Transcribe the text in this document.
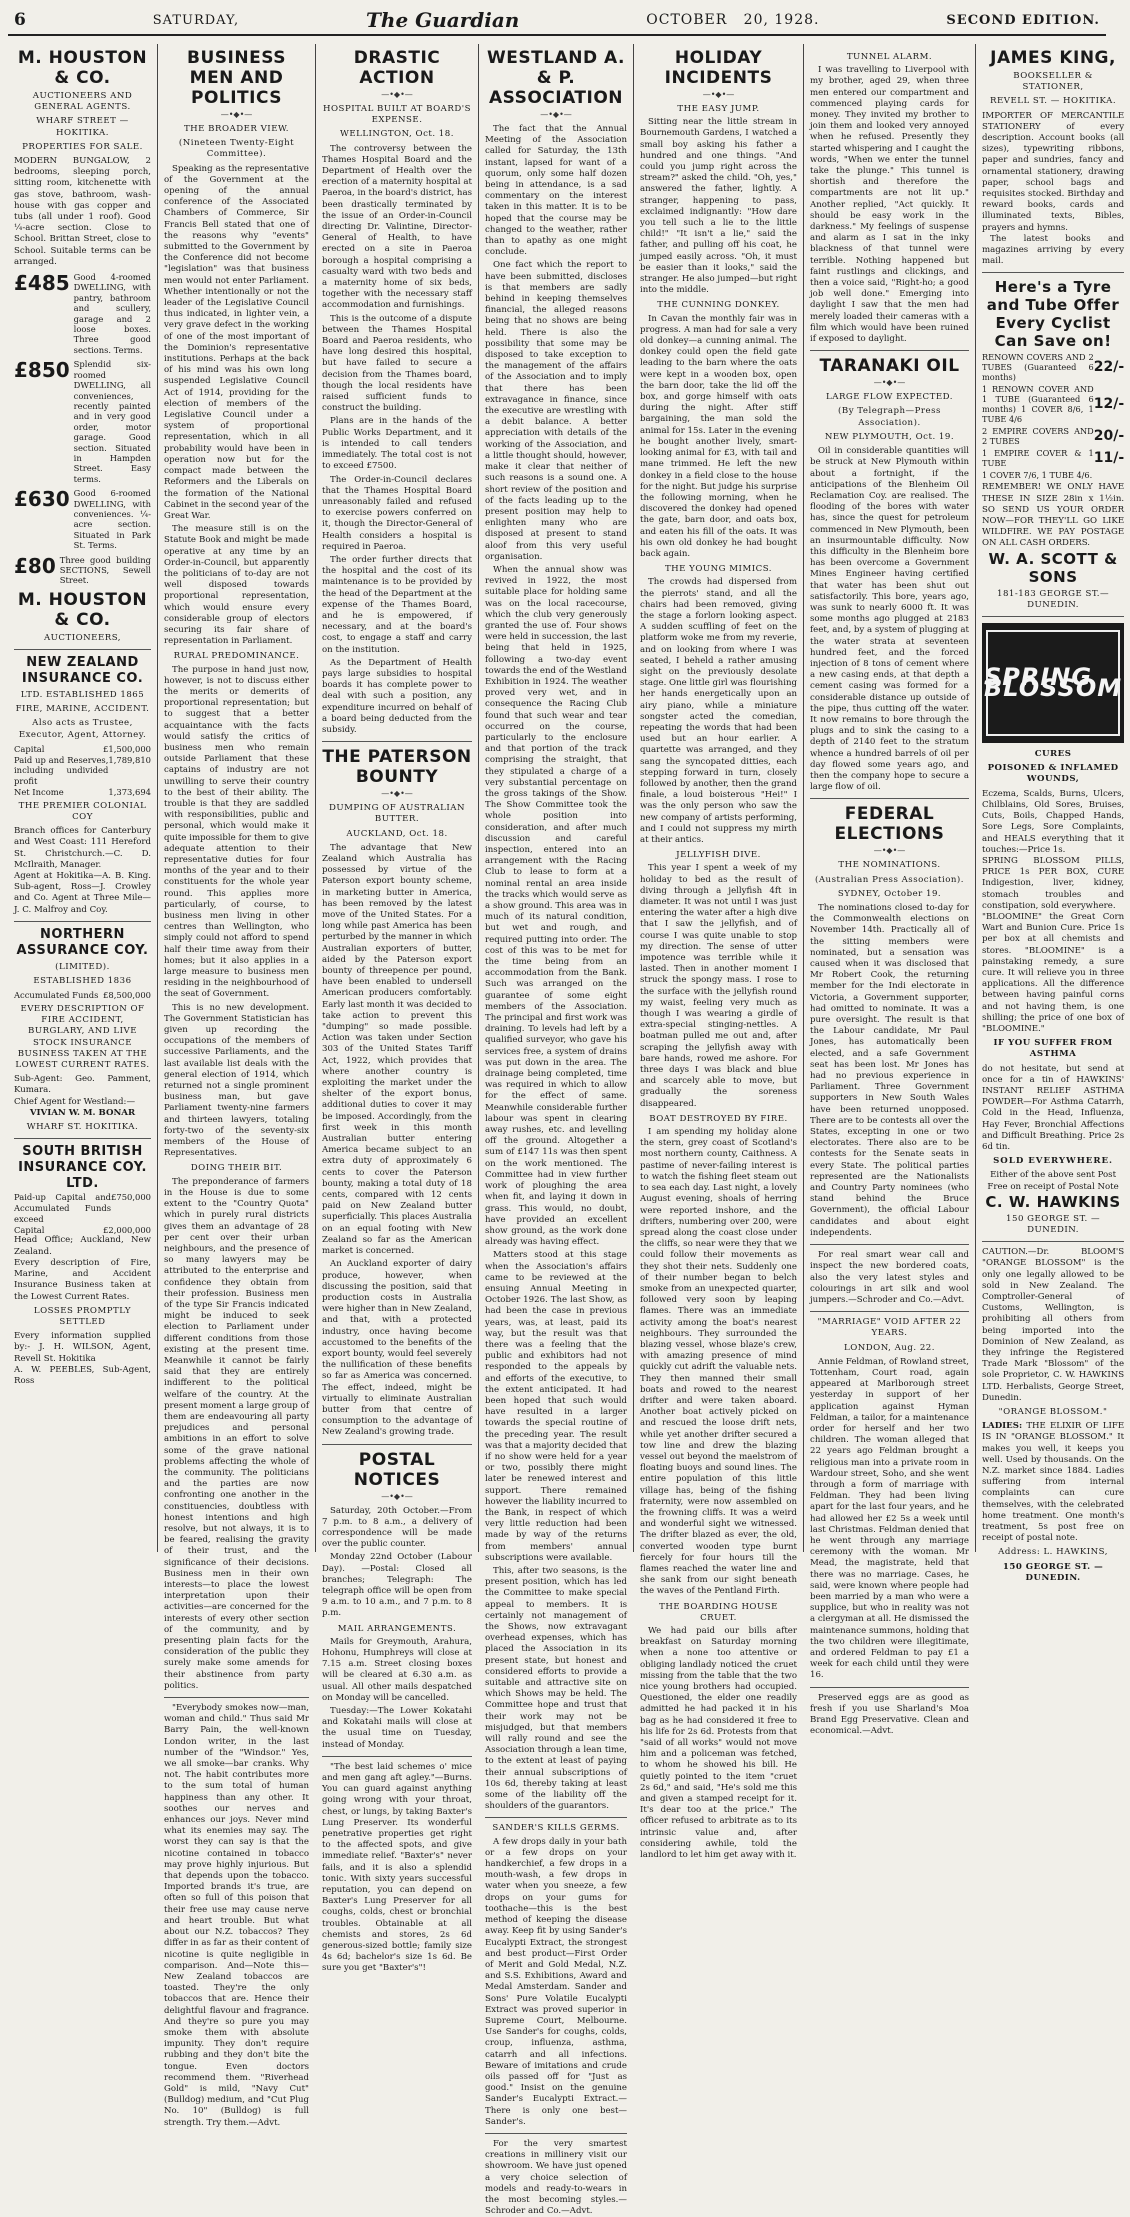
6	SATURDAY,	The Guardian	OCTOBER 20, 1928.	SECOND EDITION.
M. HOUSTON & CO.
AUCTIONEERS AND GENERAL AGENTS.
WHARF STREET — HOKITIKA.
PROPERTIES FOR SALE.

MODERN BUNGALOW, 2 bedrooms, sleeping porch, sitting room, kitchenette with gas stove, bathroom, wash-house with gas copper and tubs (all under 1 roof). Good ¼-acre section. Close to School. Brittan Street, close to School. Suitable terms can be arranged.

£485 Good 4-roomed DWELLING, with pantry, bathroom and scullery, garage and 2 loose boxes. Three good sections. Terms.
£850 Splendid six-roomed DWELLING, all conveniences, recently painted and in very good order, motor garage. Good section. Situated in Hampden Street. Easy terms.
£630 Good 6-roomed DWELLING, with conveniences. ¼-acre section. Situated in Park St. Terms.
£80 Three good building SECTIONS, Sewell Street.
M. HOUSTON & CO.
AUCTIONEERS,
NEW ZEALAND INSURANCE CO.
LTD. ESTABLISHED 1865
FIRE, MARINE, ACCIDENT.
Also acts as Trustee, Executor, Agent, Attorney.
Capital	£1,500,000
Paid up and Reserves, including undivided profit
1,789,810
Net Income	1,373,694
THE PREMIER COLONIAL COY

Branch offices for Canterbury and West Coast: 111 Hereford St. Christchurch.—C. D. McIlraith, Manager.

Agent at Hokitika—A. B. King. Sub-agent, Ross—J. Crowley and Co. Agent at Three Mile—J. C. Malfroy and Coy.

NORTHERN ASSURANCE COY.
(LIMITED).
ESTABLISHED 1836
Accumulated Funds £8,500,000
EVERY DESCRIPTION OF FIRE ACCIDENT, BURGLARY, AND LIVE STOCK INSURANCE BUSINESS TAKEN AT THE LOWEST CURRENT RATES.

Sub-Agent: Geo. Pamment, Kumara.

Chief Agent for Westland:—

VIVIAN W. M. BONAR
WHARF ST. HOKITIKA.
SOUTH BRITISH INSURANCE COY. LTD.
Paid-up Capital and Accumulated Funds exceed
£750,000
Capital	£2,000,000

Head Office; Auckland, New Zealand.

Every description of Fire, Marine, and Accident Insurance Business taken at the Lowest Current Rates.

LOSSES PROMPTLY SETTLED

Every information supplied by:- J. H. WILSON, Agent, Revell St. Hokitika

A. W. PEEBLES, Sub-Agent, Ross

BUSINESS MEN AND POLITICS
—•◆•—
THE BROADER VIEW.
(Nineteen Twenty-Eight Committee).

Speaking as the representative of the Government at the opening of the annual conference of the Associated Chambers of Commerce, Sir Francis Bell stated that one of the reasons why "events" submitted to the Government by the Conference did not become "legislation" was that business men would not enter Parliament. Whether intentionally or not the leader of the Legislative Council thus indicated, in lighter vein, a very grave defect in the working of one of the most important of the Dominion's representative institutions. Perhaps at the back of his mind was his own long suspended Legislative Council Act of 1914, providing for the election of members of the Legislative Council under a system of proportional representation, which in all probability would have been in operation now but for the compact made between the Reformers and the Liberals on the formation of the National Cabinet in the second year of the Great War.

The measure still is on the Statute Book and might be made operative at any time by an Order-in-Council, but apparently the politicians of to-day are not well disposed towards proportional representation, which would ensure every considerable group of electors securing its fair share of representation in Parliament.

RURAL PREDOMINANCE.

The purpose in hand just now, however, is not to discuss either the merits or demerits of proportional representation; but to suggest that a better acquaintance with the facts would satisfy the critics of business men who remain outside Parliament that these captains of industry are not unwilling to serve their country to the best of their ability. The trouble is that they are saddled with responsibilities, public and personal, which would make it quite impossible for them to give adequate attention to their representative duties for four months of the year and to their constituents for the whole year round. This applies more particularly, of course, to business men living in other centres than Wellington, who simply could not afford to spend half their time away from their homes; but it also applies in a large measure to business men residing in the neighbourhood of the seat of Government.

This is no new development. The Government Statistician has given up recording the occupations of the members of successive Parliaments, and the last available list deals with the general election of 1914, which returned not a single prominent business man, but gave Parliament twenty-nine farmers and thirteen lawyers, totaling forty-two of the seventy-six members of the House of Representatives.

DOING THEIR BIT.

The preponderance of farmers in the House is due to some extent to the "Country Quota" which in purely rural districts gives them an advantage of 28 per cent over their urban neighbours, and the presence of so many lawyers may be attributed to the enterprise and confidence they obtain from their profession. Business men of the type Sir Francis indicated might be induced to seek election to Parliament under different conditions from those existing at the present time. Meanwhile it cannot be fairly said that they are entirely indifferent to the political welfare of the country. At the present moment a large group of them are endeavouring all party prejudices and personal ambitions in an effort to solve some of the grave national problems affecting the whole of the community. The politicians and the parties are now confronting one another in the constituencies, doubtless with honest intentions and high resolve, but not always, it is to be feared, realising the gravity of their trust, and the significance of their decisions. Business men in their own interests—to place the lowest interpretation upon their activities—are concerned for the interests of every other section of the community, and by presenting plain facts for the consideration of the public they surely make some amends for their abstinence from party politics.

"Everybody smokes now—man, woman and child." Thus said Mr Barry Pain, the well-known London writer, in the last number of the "Windsor." Yes, we all smoke—bar cranks. Why not. The habit contributes more to the sum total of human happiness than any other. It soothes our nerves and enhances our joys. Never mind what its enemies may say. The worst they can say is that the nicotine contained in tobacco may prove highly injurious. But that depends upon the tobacco. Imported brands it's true, are often so full of this poison that their free use may cause nerve and heart trouble. But what about our N.Z. tobaccos? They differ in as far as their content of nicotine is quite negligible in comparison. And—Note this—New Zealand tobaccos are toasted. They're the only tobaccos that are. Hence their delightful flavour and fragrance. And they're so pure you may smoke them with absolute impunity. They don't require rubbing and they don't bite the tongue. Even doctors recommend them. "Riverhead Gold" is mild, "Navy Cut" (Bulldog) medium, and "Cut Plug No. 10" (Bulldog) is full strength. Try them.—Advt.

DRASTIC ACTION
—•◆•—
HOSPITAL BUILT AT BOARD'S EXPENSE.
WELLINGTON, Oct. 18.

The controversy between the Thames Hospital Board and the Department of Health over the erection of a maternity hospital at Paeroa, in the board's district, has been drastically terminated by the issue of an Order-in-Council directing Dr. Valintine, Director-General of Health, to have erected on a site in Paeroa borough a hospital comprising a casualty ward with two beds and a maternity home of six beds, together with the necessary staff accommodation and furnishings.

This is the outcome of a dispute between the Thames Hospital Board and Paeroa residents, who have long desired this hospital, but have failed to secure a decision from the Thames board, though the local residents have raised sufficient funds to construct the building.

Plans are in the hands of the Public Works Department, and it is intended to call tenders immediately. The total cost is not to exceed £7500.

The Order-in-Council declares that the Thames Hospital Board unreasonably failed and refused to exercise powers conferred on it, though the Director-General of Health considers a hospital is required in Paeroa.

The order further directs that the hospital and the cost of its maintenance is to be provided by the head of the Department at the expense of the Thames Board, and he is empowered, if necessary, and at the board's cost, to engage a staff and carry on the institution.

As the Department of Health pays large subsidies to hospital boards it has complete power to deal with such a position, any expenditure incurred on behalf of a board being deducted from the subsidy.

THE PATERSON BOUNTY
—•◆•—
DUMPING OF AUSTRALIAN BUTTER.
AUCKLAND, Oct. 18.

The advantage that New Zealand which Australia has possessed by virtue of the Paterson export bounty scheme, in marketing butter in America, has been removed by the latest move of the United States. For a long while past America has been perturbed by the manner in which Australian exporters of butter, aided by the Paterson export bounty of threepence per pound, have been enabled to undersell American producers comfortably. Early last month it was decided to take action to prevent this "dumping" so made possible. Action was taken under Section 303 of the United States Tariff Act, 1922, which provides that where another country is exploiting the market under the shelter of the export bonus, additional duties to cover it may be imposed. Accordingly, from the first week in this month Australian butter entering America became subject to an extra duty of approximately 6 cents to cover the Paterson bounty, making a total duty of 18 cents, compared with 12 cents paid on New Zealand butter superficially. This places Australia on an equal footing with New Zealand so far as the American market is concerned.

An Auckland exporter of dairy produce, however, when discussing the position, said that production costs in Australia were higher than in New Zealand, and that, with a protected industry, once having become accustomed to the benefits of the export bounty, would feel severely the nullification of these benefits so far as America was concerned. The effect, indeed, might be virtually to eliminate Australian butter from that centre of consumption to the advantage of New Zealand's growing trade.

POSTAL NOTICES
—•◆•—

Saturday, 20th October.—From 7 p.m. to 8 a.m., a delivery of correspondence will be made over the public counter.

Monday 22nd October (Labour Day). —Postal: Closed all branches; Telegraph: The telegraph office will be open from 9 a.m. to 10 a.m., and 7 p.m. to 8 p.m.

MAIL ARRANGEMENTS.

Mails for Greymouth, Arahura, Hohonu, Humphreys will close at 7.15 a.m. Street closing boxes will be cleared at 6.30 a.m. as usual. All other mails despatched on Monday will be cancelled.

Tuesday:—The Lower Kokatahi and Kokatahi mails will close at the usual time on Tuesday, instead of Monday.

"The best laid schemes o' mice and men gang aft agley."—Burns. You can guard against anything going wrong with your throat, chest, or lungs, by taking Baxter's Lung Preserver. Its wonderful penetrative properties get right to the affected spots, and give immediate relief. "Baxter's" never fails, and it is also a splendid tonic. With sixty years successful reputation, you can depend on Baxter's Lung Preserver for all coughs, colds, chest or bronchial troubles. Obtainable at all chemists and stores, 2s 6d generous-sized bottle; family size 4s 6d; bachelor's size 1s 6d. Be sure you get "Baxter's"!

WESTLAND A. & P. ASSOCIATION
—•◆•—

The fact that the Annual Meeting of the Association called for Saturday, the 13th instant, lapsed for want of a quorum, only some half dozen being in attendance, is a sad commentary on the interest taken in this matter. It is to be hoped that the course may be changed to the weather, rather than to apathy as one might conclude.

One fact which the report to have been submitted, discloses is that members are sadly behind in keeping themselves financial, the alleged reasons being that no shows are being held. There is also the possibility that some may be disposed to take exception to the management of the affairs of the Association and to imply that there has been extravagance in finance, since the executive are wrestling with a debit balance. A better appreciation with details of the working of the Association, and a little thought should, however, make it clear that neither of such reasons is a sound one. A short review of the position and of the facts leading up to the present position may help to enlighten many who are disposed at present to stand aloof from this very useful organisation.

When the annual show was revived in 1922, the most suitable place for holding same was on the local racecourse, which the club very generously granted the use of. Four shows were held in succession, the last being that held in 1925, following a two-day event towards the end of the Westland Exhibition in 1924. The weather proved very wet, and in consequence the Racing Club found that such wear and tear occurred on the course, particularly to the enclosure and that portion of the track comprising the straight, that they stipulated a charge of a very substantial percentage on the gross takings of the Show. The Show Committee took the whole position into consideration, and after much discussion and careful inspection, entered into an arrangement with the Racing Club to lease to form at a nominal rental an area inside the tracks which would serve as a show ground. This area was in much of its natural condition, but wet and rough, and required putting into order. The cost of this was to be met for the time being from an accommodation from the Bank. Such was arranged on the guarantee of some eight members of the Association. The principal and first work was draining. To levels had left by a qualified surveyor, who gave his services free, a system of drains was put down in the area. The drainage being completed, time was required in which to allow for the effect of same. Meanwhile considerable further labour was spent in clearing away rushes, etc. and levelling off the ground. Altogether a sum of £147 11s was then spent on the work mentioned. The Committee had in view further work of ploughing the area when fit, and laying it down in grass. This would, no doubt, have provided an excellent show ground, as the work done already was having effect.

Matters stood at this stage when the Association's affairs came to be reviewed at the ensuing Annual Meeting in October 1926. The last Show, as had been the case in previous years, was, at least, paid its way, but the result was that there was a feeling that the public and exhibitors had not responded to the appeals by and efforts of the executive, to the extent anticipated. It had been hoped that such would have resulted in a larger towards the special routine of the preceding year. The result was that a majority decided that if no show were held for a year or two, possibly there might later be renewed interest and support. There remained however the liability incurred to the Bank, in respect of which very little reduction had been made by way of the returns from members' annual subscriptions were available.

This, after two seasons, is the present position, which has led the Committee to make special appeal to members. It is certainly not management of the Shows, now extravagant overhead expenses, which has placed the Association in its present state, but honest and considered efforts to provide a suitable and attractive site on which Shows may be held. The Committee hope and trust that their work may not be misjudged, but that members will rally round and see the Association through a lean time, to the extent at least of paying their annual subscriptions of 10s 6d, thereby taking at least some of the liability off the shoulders of the guarantors.

SANDER'S KILLS GERMS.

A few drops daily in your bath or a few drops on your handkerchief, a few drops in a mouth-wash, a few drops in water when you sneeze, a few drops on your gums for toothache—this is the best method of keeping the disease away. Keep fit by using Sander's Eucalypti Extract, the strongest and best product—First Order of Merit and Gold Medal, N.Z. and S.S. Exhibitions, Award and Medal Amsterdam. Sander and Sons' Pure Volatile Eucalypti Extract was proved superior in Supreme Court, Melbourne. Use Sander's for coughs, colds, croup, influenza, asthma, catarrh and all infections. Beware of imitations and crude oils passed off for "Just as good." Insist on the genuine Sander's Eucalypti Extract.—There is only one best—Sander's.

For the very smartest creations in millinery visit our showroom. We have just opened a very choice selection of models and ready-to-wears in the most becoming styles.—Schroder and Co.—Advt.

HOLIDAY INCIDENTS
—•◆•—
THE EASY JUMP.

Sitting near the little stream in Bournemouth Gardens, I watched a small boy asking his father a hundred and one things. "And could you jump right across the stream?" asked the child. "Oh, yes," answered the father, lightly. A stranger, happening to pass, exclaimed indignantly: "How dare you tell such a lie to the little child!" "It isn't a lie," said the father, and pulling off his coat, he jumped easily across. "Oh, it must be easier than it looks," said the stranger. He also jumped—but right into the middle.

THE CUNNING DONKEY.

In Cavan the monthly fair was in progress. A man had for sale a very old donkey—a cunning animal. The donkey could open the field gate leading to the barn where the oats were kept in a wooden box, open the barn door, take the lid off the box, and gorge himself with oats during the night. After stiff bargaining, the man sold the animal for 15s. Later in the evening he bought another lively, smart-looking animal for £3, with tail and mane trimmed. He left the new donkey in a field close to the house for the night. But judge his surprise the following morning, when he discovered the donkey had opened the gate, barn door, and oats box, and eaten his fill of the oats. It was his own old donkey he had bought back again.

THE YOUNG MIMICS.

The crowds had dispersed from the pierrots' stand, and all the chairs had been removed, giving the stage a forlorn looking aspect. A sudden scuffling of feet on the platform woke me from my reverie, and on looking from where I was seated, I beheld a rather amusing sight on the previously desolate stage. One little girl was flourishing her hands energetically upon an airy piano, while a miniature songster acted the comedian, repeating the words that had been used but an hour earlier. A quartette was arranged, and they sang the syncopated ditties, each stepping forward in turn, closely followed by another, then the grand finale, a loud boisterous "Hei!" I was the only person who saw the new company of artists performing, and I could not suppress my mirth at their antics.

JELLYFISH DIVE.

This year I spent a week of my holiday to bed as the result of diving through a jellyfish 4ft in diameter. It was not until I was just entering the water after a high dive that I saw the jellyfish, and of course I was quite unable to stop my direction. The sense of utter impotence was terrible while it lasted. Then in another moment I struck the spongy mass. I rose to the surface with the jellyfish round my waist, feeling very much as though I was wearing a girdle of extra-special stinging-nettles. A boatman pulled me out and, after scraping the jellyfish away with bare hands, rowed me ashore. For three days I was black and blue and scarcely able to move, but gradually the soreness disappeared.

BOAT DESTROYED BY FIRE.

I am spending my holiday alone the stern, grey coast of Scotland's most northern county, Caithness. A pastime of never-failing interest is to watch the fishing fleet steam out to sea each day. Last night, a lovely August evening, shoals of herring were reported inshore, and the drifters, numbering over 200, were spread along the coast close under the cliffs, so near were they that we could follow their movements as they shot their nets. Suddenly one of their number began to belch smoke from an unexpected quarter, followed very soon by leaping flames. There was an immediate activity among the boat's nearest neighbours. They surrounded the blazing vessel, whose blaze's crew, with amazing presence of mind quickly cut adrift the valuable nets. They then manned their small boats and rowed to the nearest drifter and were taken aboard. Another boat actively picked on and rescued the loose drift nets, while yet another drifter secured a tow line and drew the blazing vessel out beyond the maelstrom of floating buoys and sound lines. The entire population of this little village has, being of the fishing fraternity, were now assembled on the frowning cliffs. It was a weird and wonderful sight we witnessed. The drifter blazed as ever, the old, converted wooden type burnt fiercely for four hours till the flames reached the water line and she sank from our sight beneath the waves of the Pentland Firth.

THE BOARDING HOUSE CRUET.

We had paid our bills after breakfast on Saturday morning when a none too attentive or obliging landlady noticed the cruet missing from the table that the two nice young brothers had occupied. Questioned, the elder one readily admitted he had packed it in his bag as he had considered it free to his life for 2s 6d. Protests from that "said of all works" would not move him and a policeman was fetched, to whom he showed his bill. He quietly pointed to the item "cruet 2s 6d," and said, "He's sold me this and given a stamped receipt for it. It's dear too at the price." The officer refused to arbitrate as to its intrinsic value and, after considering awhile, told the landlord to let him get away with it.

TUNNEL ALARM.

I was travelling to Liverpool with my brother, aged 29, when three men entered our compartment and commenced playing cards for money. They invited my brother to join them and looked very annoyed when he refused. Presently they started whispering and I caught the words, "When we enter the tunnel take the plunge." This tunnel is shortish and therefore the compartments are not lit up." Another replied, "Act quickly. It should be easy work in the darkness." My feelings of suspense and alarm as I sat in the inky blackness of that tunnel were terrible. Nothing happened but faint rustlings and clickings, and then a voice said, "Right-ho; a good job well done." Emerging into daylight I saw that the men had merely loaded their cameras with a film which would have been ruined if exposed to daylight.

TARANAKI OIL
—•◆•—
LARGE FLOW EXPECTED.
(By Telegraph—Press Association).
NEW PLYMOUTH, Oct. 19.

Oil in considerable quantities will be struck at New Plymouth within about a fortnight, if the anticipations of the Blenheim Oil Reclamation Coy. are realised. The flooding of the bores with water has, since the quest for petroleum commenced in New Plymouth, been an insurmountable difficulty. Now this difficulty in the Blenheim bore has been overcome a Government Mines Engineer having certified that water has been shut out satisfactorily. This bore, years ago, was sunk to nearly 6000 ft. It was some months ago plugged at 2183 feet, and, by a system of plugging at the water strata at seventeen hundred feet, and the forced injection of 8 tons of cement where a new casing ends, at that depth a cement casing was formed for a considerable distance up outside of the pipe, thus cutting off the water. It now remains to bore through the plugs and to sink the casing to a depth of 2140 feet to the stratum whence a hundred barrels of oil per day flowed some years ago, and then the company hope to secure a large flow of oil.

FEDERAL ELECTIONS
—•◆•—
THE NOMINATIONS.
(Australian Press Association).
SYDNEY, October 19.

The nominations closed to-day for the Commonwealth elections on November 14th. Practically all of the sitting members were nominated, but a sensation was caused when it was disclosed that Mr Robert Cook, the returning member for the Indi electorate in Victoria, a Government supporter, had omitted to nominate. It was a pure oversight. The result is that the Labour candidate, Mr Paul Jones, has automatically been elected, and a safe Government seat has been lost. Mr Jones has had no previous experience in Parliament. Three Government supporters in New South Wales have been returned unopposed. There are to be contests all over the States, excepting in one or two electorates. There also are to be contests for the Senate seats in every State. The political parties represented are the Nationalists and Country Party nominees (who stand behind the Bruce Government), the official Labour candidates and about eight independents.

For real smart wear call and inspect the new bordered coats, also the very latest styles and colourings in art silk and wool jumpers.—Schroder and Co.—Advt.

"MARRIAGE" VOID AFTER 22 YEARS.
LONDON, Aug. 22.

Annie Feldman, of Rowland street, Tottenham, Court road, again appeared at Marlborough street yesterday in support of her application against Hyman Feldman, a tailor, for a maintenance order for herself and her two children. The woman alleged that 22 years ago Feldman brought a religious man into a private room in Wardour street, Soho, and she went through a form of marriage with Feldman. They had been living apart for the last four years, and he had allowed her £2 5s a week until last Christmas. Feldman denied that he went through any marriage ceremony with the woman. Mr Mead, the magistrate, held that there was no marriage. Cases, he said, were known where people had been married by a man who were a supplice, but who in reality was not a clergyman at all. He dismissed the maintenance summons, holding that the two children were illegitimate, and ordered Feldman to pay £1 a week for each child until they were 16.

Preserved eggs are as good as fresh if you use Sharland's Moa Brand Egg Preservative. Clean and economical.—Advt.

JAMES KING,
BOOKSELLER & STATIONER,
REVELL ST. — HOKITIKA.

IMPORTER OF MERCANTILE STATIONERY of every description. Account books (all sizes), typewriting ribbons, paper and sundries, fancy and ornamental stationery, drawing paper, school bags and requisites stocked. Birthday and reward books, cards and illuminated texts, Bibles, prayers and hymns.

The latest books and magazines arriving by every mail.

Here's a Tyre and Tube Offer Every Cyclist Can Save on!
RENOWN COVERS AND 2 TUBES (Guaranteed 6 months)
22/-
1 RENOWN COVER AND 1 TUBE (Guaranteed 6 months) 1 COVER 8/6, 1 TUBE 4/6
12/-
2 EMPIRE COVERS AND 2 TUBES	20/-
1 EMPIRE COVER & 1 TUBE	11/-
1 COVER 7/6, 1 TUBE 4/6.

REMEMBER! WE ONLY HAVE THESE IN SIZE 28in x 1½in. SO SEND US YOUR ORDER NOW—FOR THEY'LL GO LIKE WILDFIRE. WE PAY POSTAGE ON ALL CASH ORDERS.

W. A. SCOTT & SONS
181-183 GEORGE ST.—DUNEDIN.
SPRING BLOSSOM
CURES
POISONED & INFLAMED WOUNDS,

Eczema, Scalds, Burns, Ulcers, Chilblains, Old Sores, Bruises, Cuts, Boils, Chapped Hands, Sore Legs, Sore Complaints, and HEALS everything that it touches:—Price 1s.

SPRING BLOSSOM PILLS, PRICE 1s PER BOX, CURE Indigestion, liver, kidney, stomach troubles and constipation, sold everywhere.

"BLOOMINE" the Great Corn Wart and Bunion Cure. Price 1s per box at all chemists and stores. "BLOOMINE" is a painstaking remedy, a sure cure. It will relieve you in three applications. All the difference between having painful corns and not having them, is one shilling; the price of one box of "BLOOMINE."

IF YOU SUFFER FROM ASTHMA

do not hesitate, but send at once for a tin of HAWKINS' INSTANT RELIEF ASTHMA POWDER—For Asthma Catarrh, Cold in the Head, Influenza, Hay Fever, Bronchial Affections and Difficult Breathing. Price 2s 6d tin.

SOLD EVERYWHERE.

Either of the above sent Post Free on receipt of Postal Note

C. W. HAWKINS
150 GEORGE ST. — DUNEDIN.

CAUTION.—Dr. BLOOM'S "ORANGE BLOSSOM" is the only one legally allowed to be sold in New Zealand. The Comptroller-General of Customs, Wellington, is prohibiting all others from being imported into the Dominion of New Zealand, as they infringe the Registered Trade Mark "Blossom" of the sole Proprietor, C. W. HAWKINS LTD. Herbalists, George Street, Dunedin.

"ORANGE BLOSSOM."

LADIES: THE ELIXIR OF LIFE IS IN "ORANGE BLOSSOM." It makes you well, it keeps you well. Used by thousands. On the N.Z. market since 1884. Ladies suffering from internal complaints can cure themselves, with the celebrated home treatment. One month's treatment, 5s post free on receipt of postal note.

Address: L. HAWKINS,
150 GEORGE ST. — DUNEDIN.
